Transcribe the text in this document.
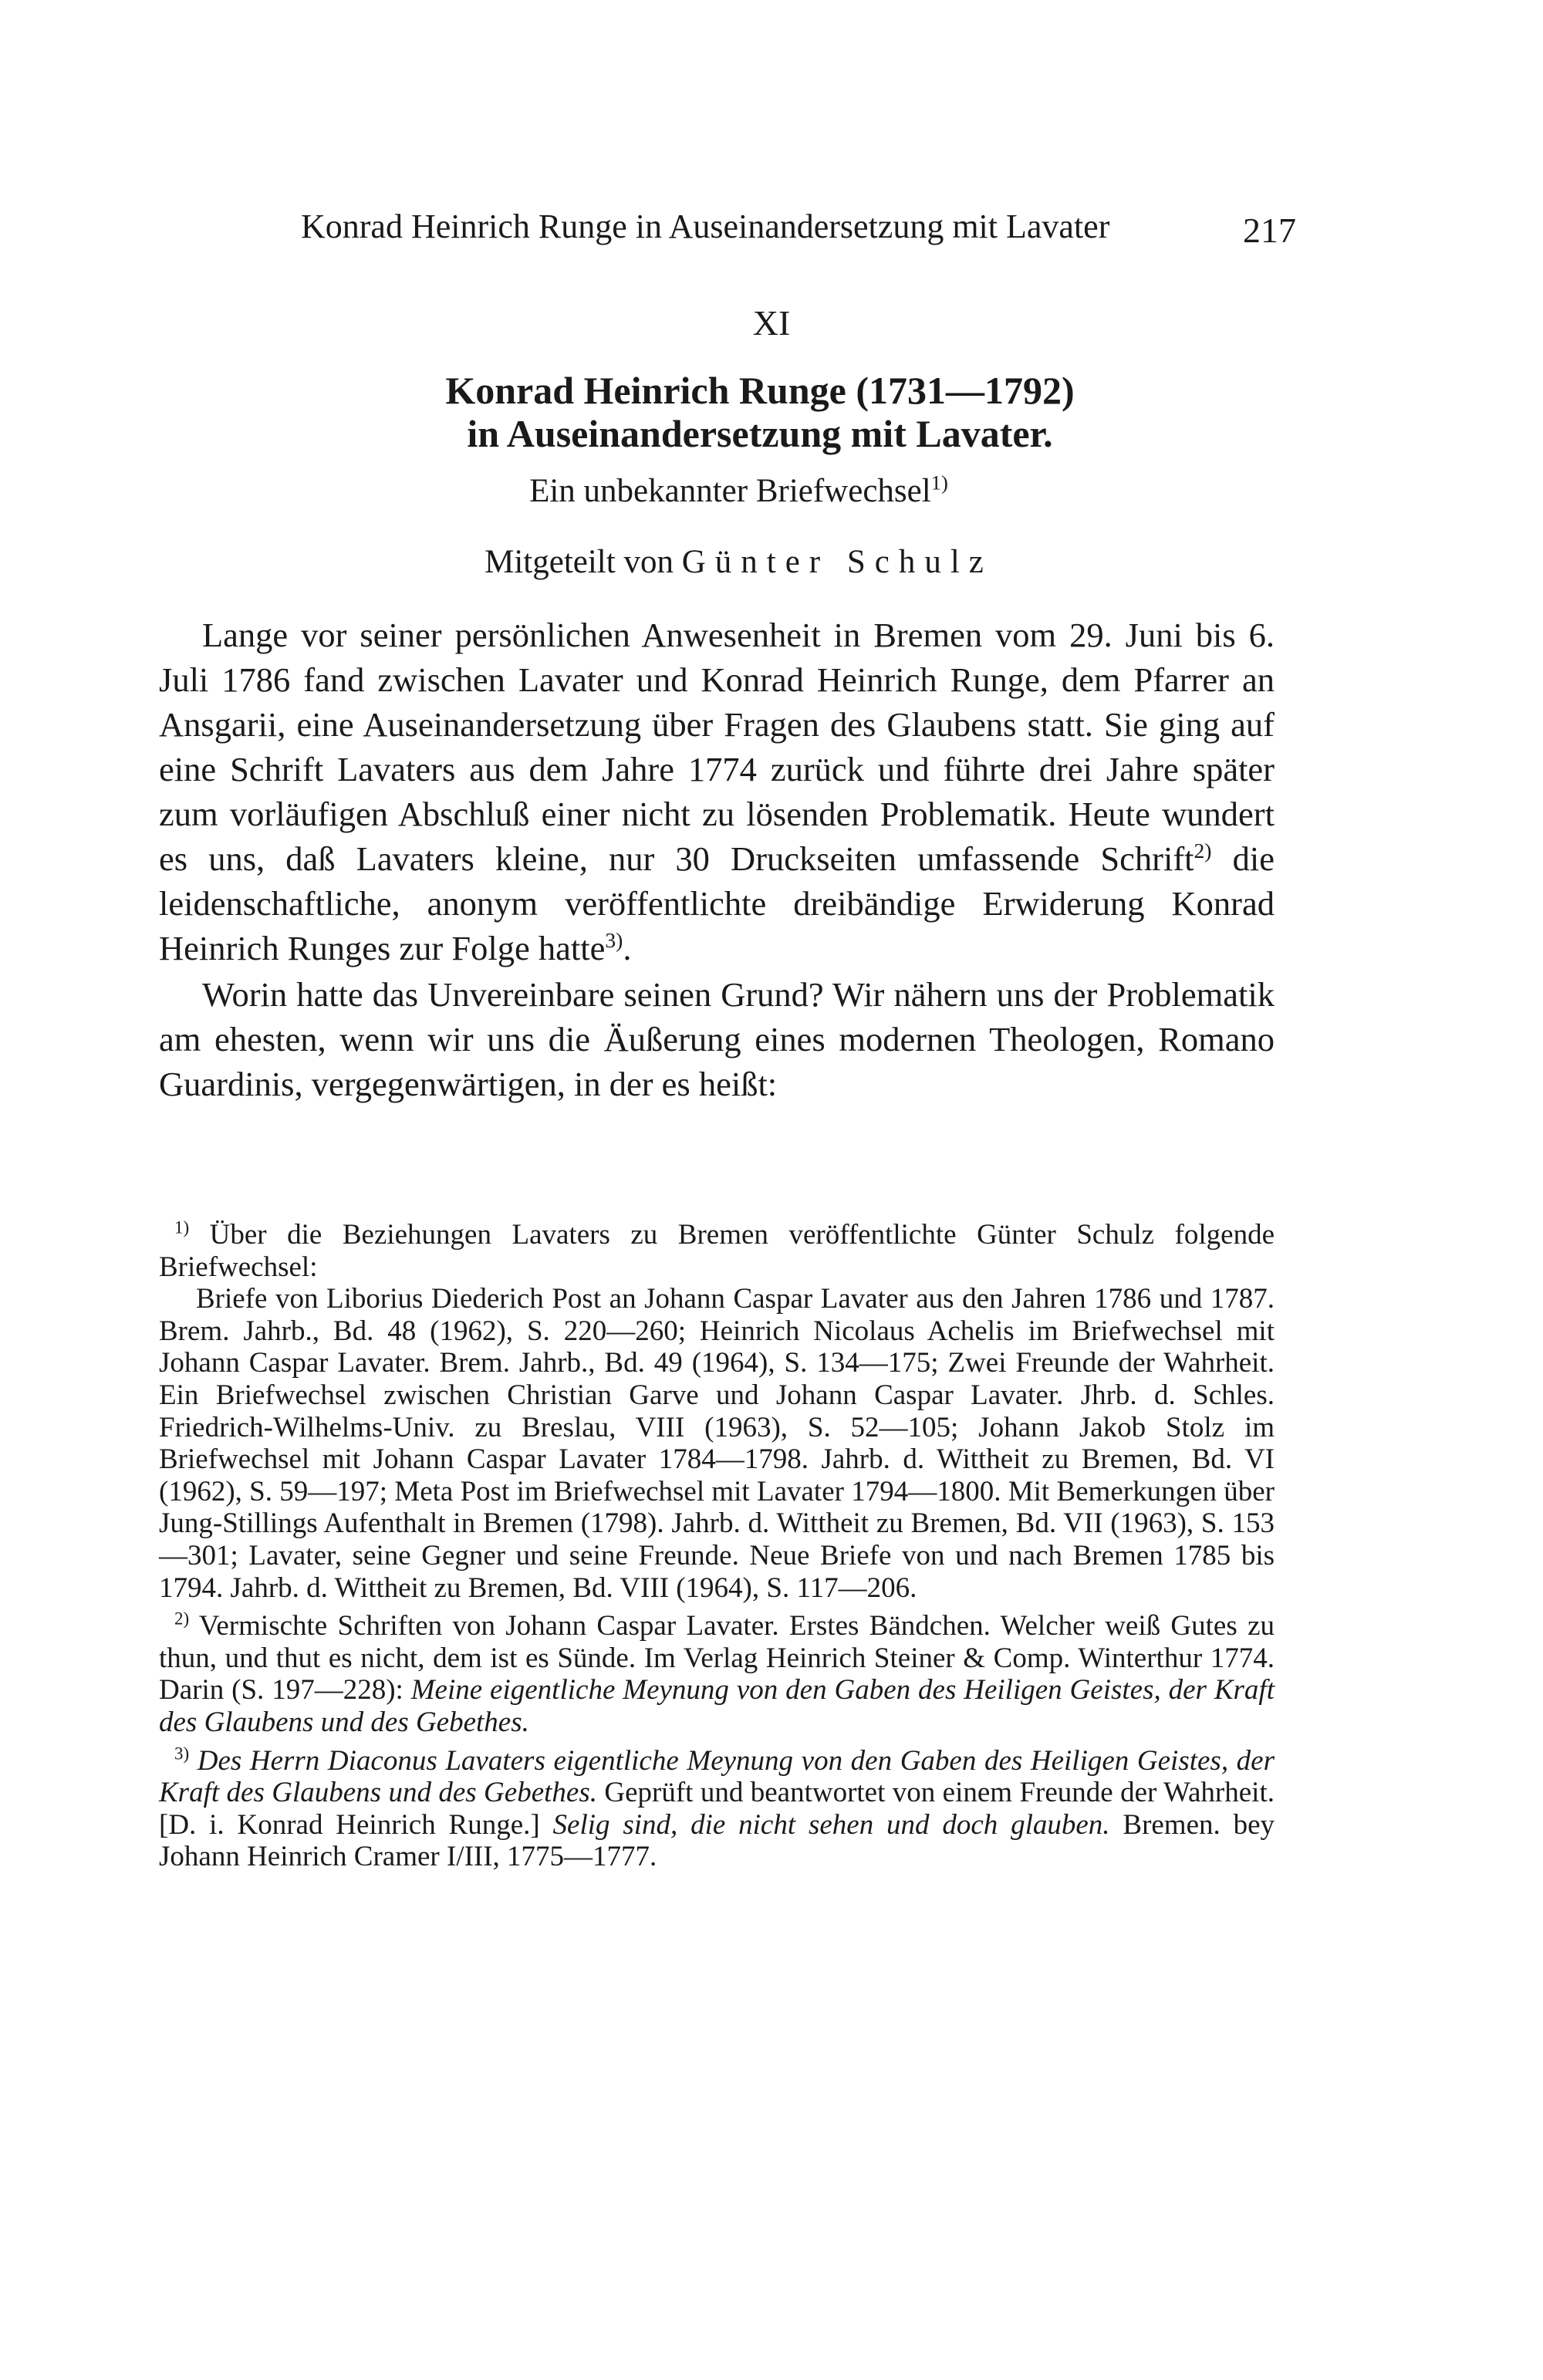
Konrad Heinrich Runge in Auseinandersetzung mit Lavater	217
XI
Konrad Heinrich Runge (1731—1792)
in Auseinandersetzung mit Lavater.
Ein unbekannter Briefwechsel$^{1)}$
Mitgeteilt von Günter Schulz

Lange vor seiner persönlichen Anwesenheit in Bremen vom 29. Juni bis 6. Juli 1786 fand zwischen Lavater und Konrad Heinrich Runge, dem Pfarrer an Ansgarii, eine Auseinandersetzung über Fragen des Glaubens statt. Sie ging auf eine Schrift Lavaters aus dem Jahre 1774 zurück und führte drei Jahre später zum vorläufigen Abschluß einer nicht zu lösenden Problematik. Heute wundert es uns, daß Lavaters kleine, nur 30 Druckseiten umfassende Schrift$^{2)}$ die leidenschaftliche, anonym veröffentlichte dreibändige Erwiderung Konrad Heinrich Runges zur Folge hatte$^{3)}$.

Worin hatte das Unvereinbare seinen Grund? Wir nähern uns der Problematik am ehesten, wenn wir uns die Äußerung eines modernen Theologen, Romano Guardinis, vergegenwärtigen, in der es heißt:

$^{1)}$ Über die Beziehungen Lavaters zu Bremen veröffentlichte Günter Schulz folgende Briefwechsel:

Briefe von Liborius Diederich Post an Johann Caspar Lavater aus den Jahren 1786 und 1787. Brem. Jahrb., Bd. 48 (1962), S. 220—260; Heinrich Nicolaus Achelis im Briefwechsel mit Johann Caspar Lavater. Brem. Jahrb., Bd. 49 (1964), S. 134—175; Zwei Freunde der Wahrheit. Ein Briefwechsel zwischen Christian Garve und Johann Caspar Lavater. Jhrb. d. Schles. Friedrich-Wilhelms-Univ. zu Breslau, VIII (1963), S. 52—105; Johann Jakob Stolz im Briefwechsel mit Johann Caspar Lavater 1784—1798. Jahrb. d. Wittheit zu Bremen, Bd. VI (1962), S. 59—197; Meta Post im Briefwechsel mit Lavater 1794—1800. Mit Bemerkungen über Jung-Stillings Aufenthalt in Bremen (1798). Jahrb. d. Wittheit zu Bremen, Bd. VII (1963), S. 153—301; Lavater, seine Gegner und seine Freunde. Neue Briefe von und nach Bremen 1785 bis 1794. Jahrb. d. Wittheit zu Bremen, Bd. VIII (1964), S. 117—206.

$^{2)}$ Vermischte Schriften von Johann Caspar Lavater. Erstes Bändchen. Welcher weiß Gutes zu thun, und thut es nicht, dem ist es Sünde. Im Verlag Heinrich Steiner & Comp. Winterthur 1774. Darin (S. 197—228): Meine eigentliche Meynung von den Gaben des Heiligen Geistes, der Kraft des Glaubens und des Gebethes.

$^{3)}$ Des Herrn Diaconus Lavaters eigentliche Meynung von den Gaben des Heiligen Geistes, der Kraft des Glaubens und des Gebethes. Geprüft und beantwortet von einem Freunde der Wahrheit. [D. i. Konrad Heinrich Runge.] Selig sind, die nicht sehen und doch glauben. Bremen. bey Johann Heinrich Cramer I/III, 1775—1777.
